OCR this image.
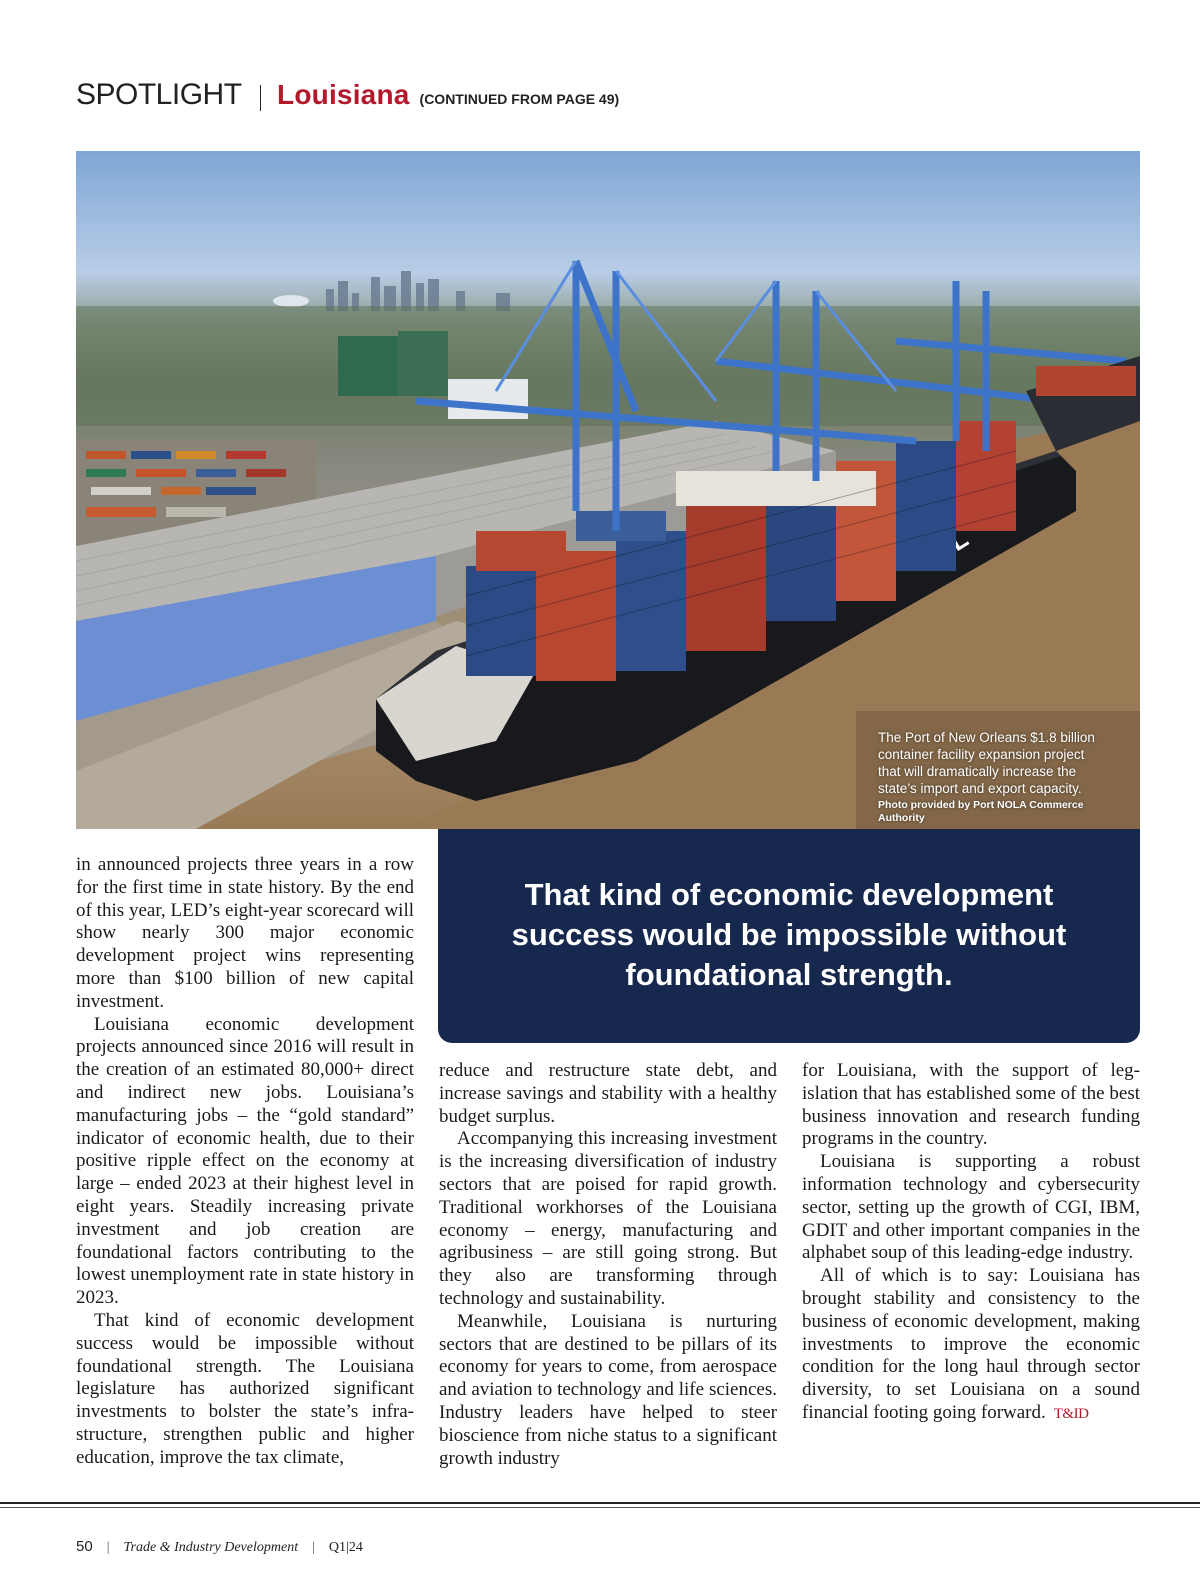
SPOTLIGHT Louisiana (CONTINUED FROM PAGE 49)
The Port of New Orleans $1.8 billion container facility expansion project that will dramatically increase the state’s import and export capacity.
Photo provided by Port NOLA Commerce Authority
That kind of economic development success would be impossible without foundational strength.

in announced projects three years in a row for the first time in state history. By the end of this year, LED’s eight-year scorecard will show nearly 300 major economic development project wins representing more than $100 billion of new capital investment.

Louisiana economic development projects announced since 2016 will result in the creation of an estimated 80,000+ direct and indirect new jobs. Louisiana’s manufacturing jobs – the “gold standard” indicator of economic health, due to their positive ripple effect on the economy at large – ended 2023 at their highest level in eight years. Steadily increasing private investment and job creation are foundational factors contributing to the lowest unemployment rate in state history in 2023.

That kind of economic development success would be impossible without foundational strength. The Louisiana legislature has authorized significant investments to bolster the state’s infrastructure, strengthen public and higher education, improve the tax climate,

reduce and restructure state debt, and increase savings and stability with a healthy budget surplus.

Accompanying this increasing investment is the increasing diversification of industry sectors that are poised for rapid growth. Traditional workhorses of the Louisiana economy – energy, manufacturing and agribusiness – are still going strong. But they also are transforming through technology and sustainability.

Meanwhile, Louisiana is nurturing sectors that are destined to be pillars of its economy for years to come, from aerospace and aviation to technology and life sciences. Industry leaders have helped to steer bioscience from niche status to a significant growth industry

for Louisiana, with the support of legislation that has established some of the best business innovation and research funding programs in the country.

Louisiana is supporting a robust information technology and cybersecurity sector, setting up the growth of CGI, IBM, GDIT and other important companies in the alphabet soup of this leading-edge industry.

All of which is to say: Louisiana has brought stability and consistency to the business of economic development, making investments to improve the economic condition for the long haul through sector diversity, to set Louisiana on a sound financial footing going forward. T&ID

50 | Trade & Industry Development | Q1|24
